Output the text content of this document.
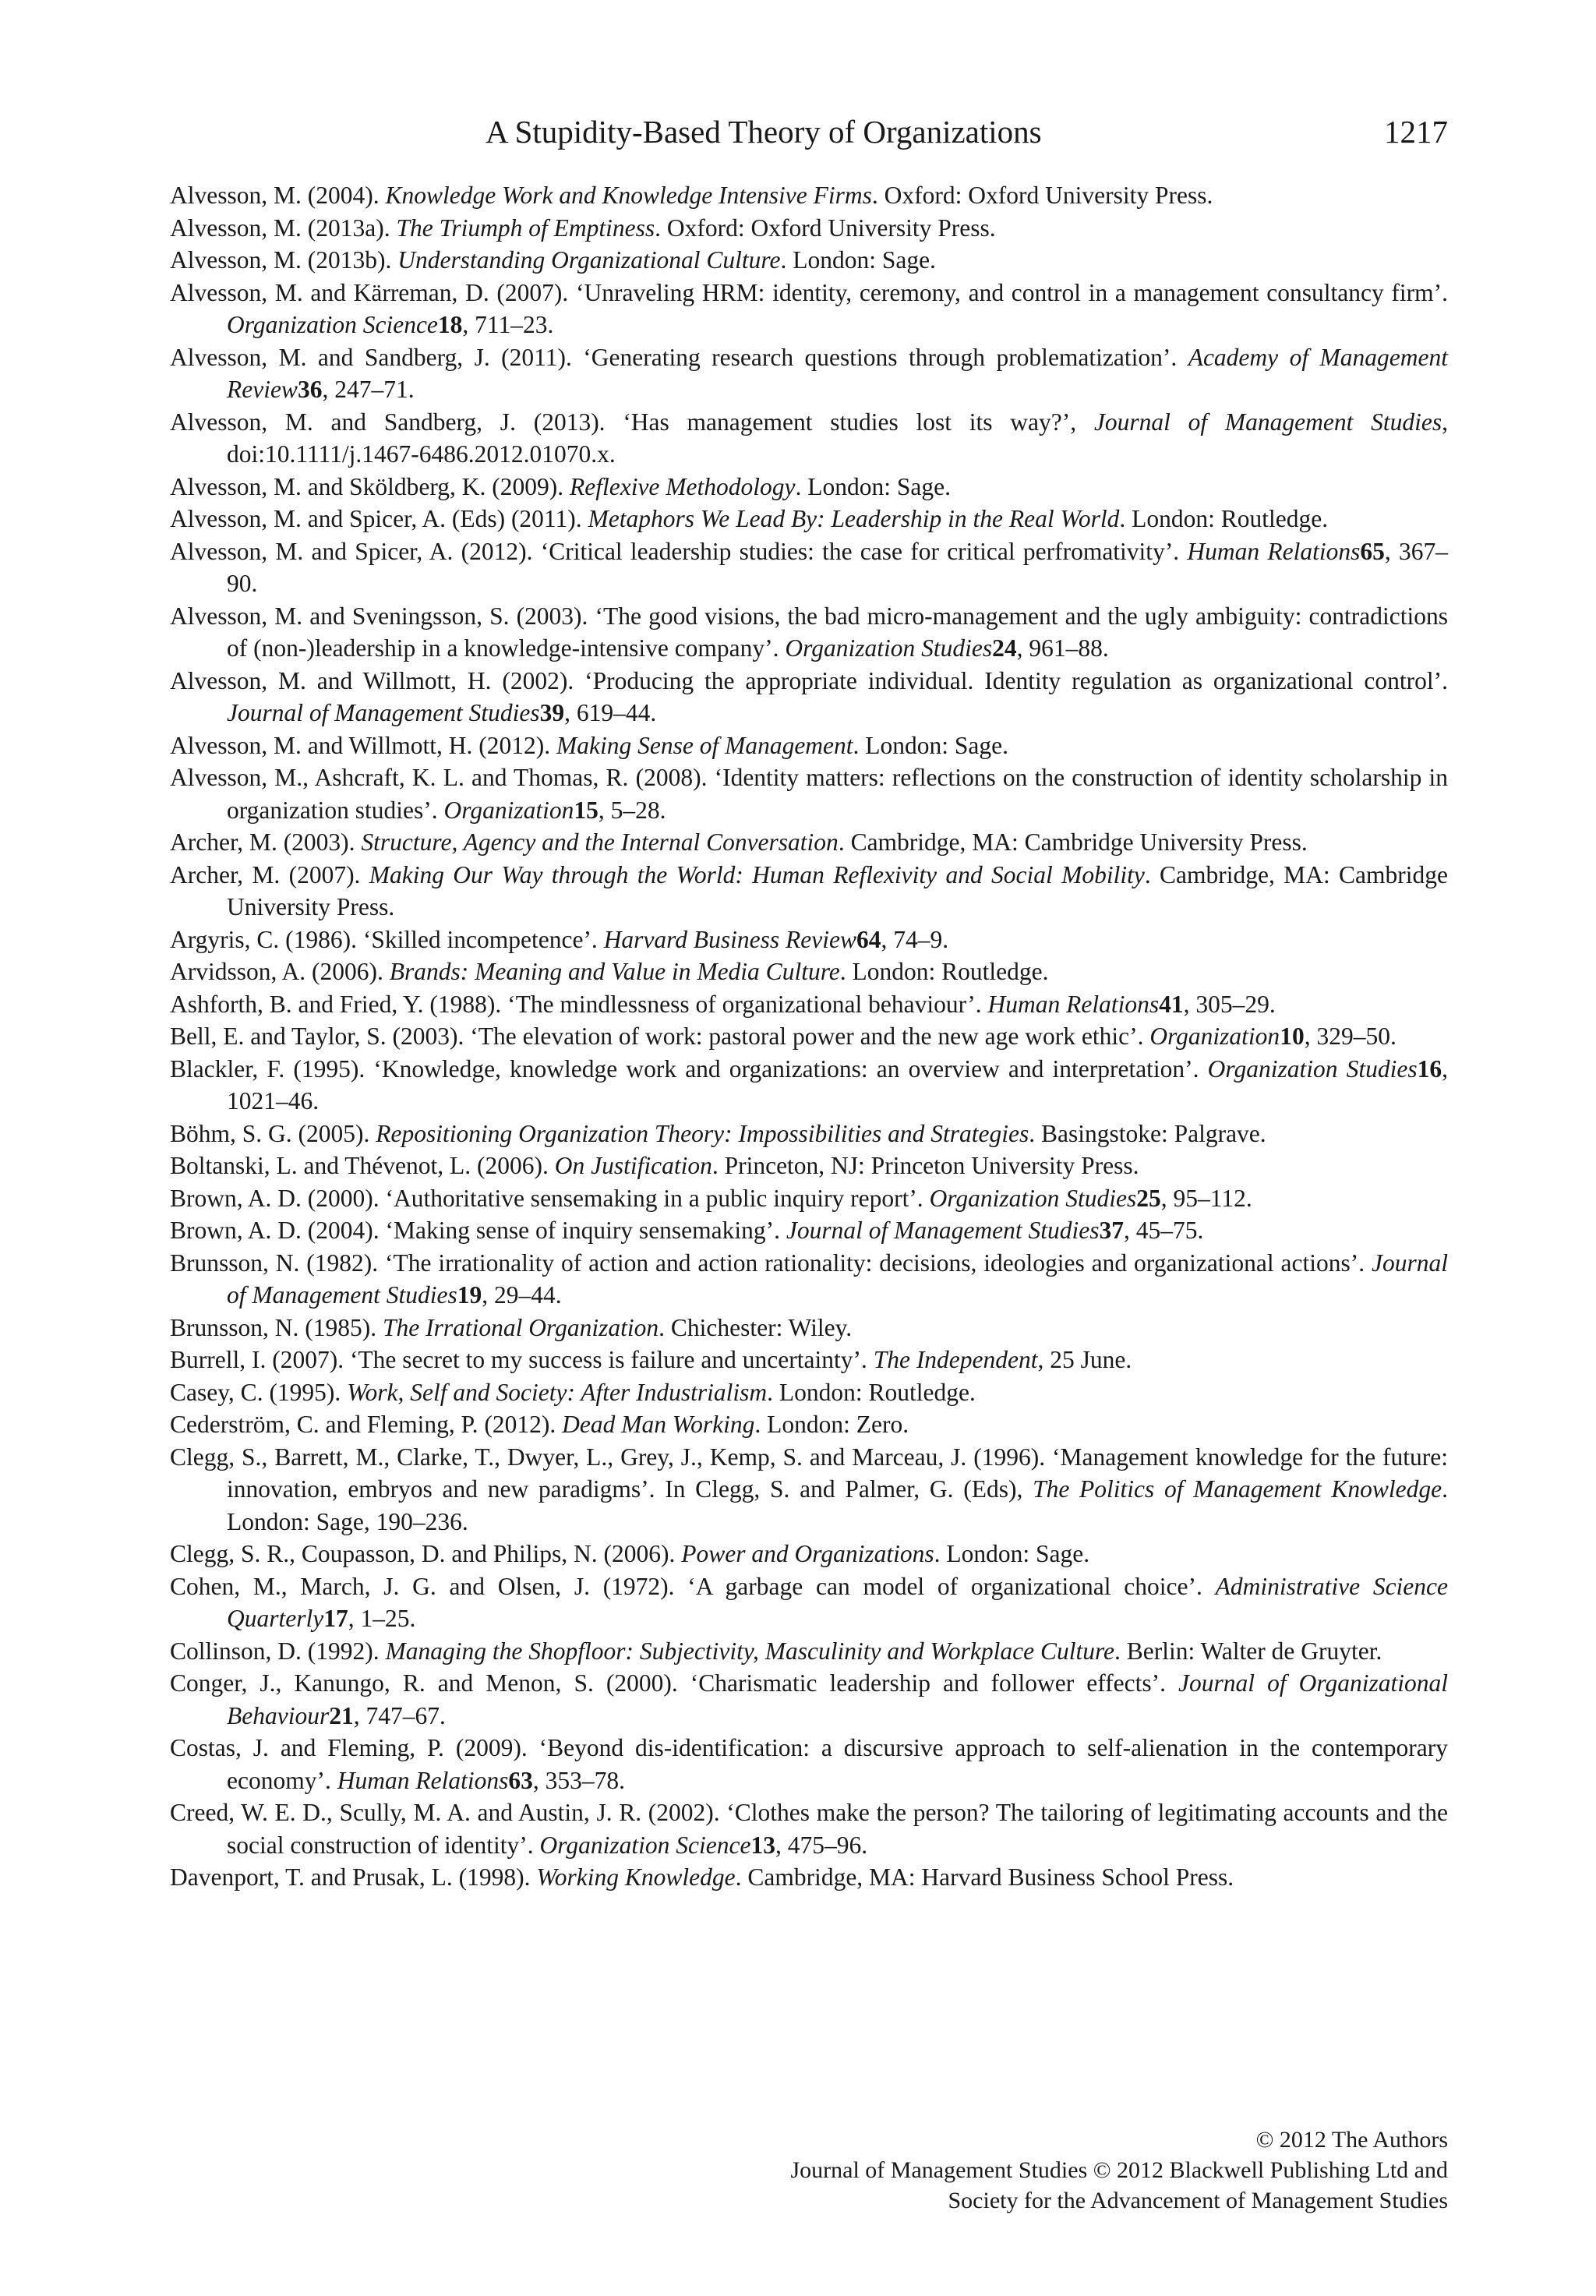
A Stupidity-Based Theory of Organizations	1217
Alvesson, M. (2004). Knowledge Work and Knowledge Intensive Firms. Oxford: Oxford University Press.
Alvesson, M. (2013a). The Triumph of Emptiness. Oxford: Oxford University Press.
Alvesson, M. (2013b). Understanding Organizational Culture. London: Sage.
Alvesson, M. and Kärreman, D. (2007). ‘Unraveling HRM: identity, ceremony, and control in a management consultancy firm’. Organization Science18, 711–23.
Alvesson, M. and Sandberg, J. (2011). ‘Generating research questions through problematization’. Academy of Management Review36, 247–71.
Alvesson, M. and Sandberg, J. (2013). ‘Has management studies lost its way?’, Journal of Management Studies, doi:10.1111/j.1467-6486.2012.01070.x.
Alvesson, M. and Sköldberg, K. (2009). Reflexive Methodology. London: Sage.
Alvesson, M. and Spicer, A. (Eds) (2011). Metaphors We Lead By: Leadership in the Real World. London: Routledge.
Alvesson, M. and Spicer, A. (2012). ‘Critical leadership studies: the case for critical perfromativity’. Human Relations65, 367–90.
Alvesson, M. and Sveningsson, S. (2003). ‘The good visions, the bad micro-management and the ugly ambiguity: contradictions of (non-)leadership in a knowledge-intensive company’. Organization Studies24, 961–88.
Alvesson, M. and Willmott, H. (2002). ‘Producing the appropriate individual. Identity regulation as organizational control’. Journal of Management Studies39, 619–44.
Alvesson, M. and Willmott, H. (2012). Making Sense of Management. London: Sage.
Alvesson, M., Ashcraft, K. L. and Thomas, R. (2008). ‘Identity matters: reflections on the construction of identity scholarship in organization studies’. Organization15, 5–28.
Archer, M. (2003). Structure, Agency and the Internal Conversation. Cambridge, MA: Cambridge University Press.
Archer, M. (2007). Making Our Way through the World: Human Reflexivity and Social Mobility. Cambridge, MA: Cambridge University Press.
Argyris, C. (1986). ‘Skilled incompetence’. Harvard Business Review64, 74–9.
Arvidsson, A. (2006). Brands: Meaning and Value in Media Culture. London: Routledge.
Ashforth, B. and Fried, Y. (1988). ‘The mindlessness of organizational behaviour’. Human Relations41, 305–29.
Bell, E. and Taylor, S. (2003). ‘The elevation of work: pastoral power and the new age work ethic’. Organization10, 329–50.
Blackler, F. (1995). ‘Knowledge, knowledge work and organizations: an overview and interpretation’. Organization Studies16, 1021–46.
Böhm, S. G. (2005). Repositioning Organization Theory: Impossibilities and Strategies. Basingstoke: Palgrave.
Boltanski, L. and Thévenot, L. (2006). On Justification. Princeton, NJ: Princeton University Press.
Brown, A. D. (2000). ‘Authoritative sensemaking in a public inquiry report’. Organization Studies25, 95–112.
Brown, A. D. (2004). ‘Making sense of inquiry sensemaking’. Journal of Management Studies37, 45–75.
Brunsson, N. (1982). ‘The irrationality of action and action rationality: decisions, ideologies and organizational actions’. Journal of Management Studies19, 29–44.
Brunsson, N. (1985). The Irrational Organization. Chichester: Wiley.
Burrell, I. (2007). ‘The secret to my success is failure and uncertainty’. The Independent, 25 June.
Casey, C. (1995). Work, Self and Society: After Industrialism. London: Routledge.
Cederström, C. and Fleming, P. (2012). Dead Man Working. London: Zero.
Clegg, S., Barrett, M., Clarke, T., Dwyer, L., Grey, J., Kemp, S. and Marceau, J. (1996). ‘Management knowledge for the future: innovation, embryos and new paradigms’. In Clegg, S. and Palmer, G. (Eds), The Politics of Management Knowledge. London: Sage, 190–236.
Clegg, S. R., Coupasson, D. and Philips, N. (2006). Power and Organizations. London: Sage.
Cohen, M., March, J. G. and Olsen, J. (1972). ‘A garbage can model of organizational choice’. Administrative Science Quarterly17, 1–25.
Collinson, D. (1992). Managing the Shopfloor: Subjectivity, Masculinity and Workplace Culture. Berlin: Walter de Gruyter.
Conger, J., Kanungo, R. and Menon, S. (2000). ‘Charismatic leadership and follower effects’. Journal of Organizational Behaviour21, 747–67.
Costas, J. and Fleming, P. (2009). ‘Beyond dis-identification: a discursive approach to self-alienation in the contemporary economy’. Human Relations63, 353–78.
Creed, W. E. D., Scully, M. A. and Austin, J. R. (2002). ‘Clothes make the person? The tailoring of legitimating accounts and the social construction of identity’. Organization Science13, 475–96.
Davenport, T. and Prusak, L. (1998). Working Knowledge. Cambridge, MA: Harvard Business School Press.
© 2012 The Authors
Journal of Management Studies © 2012 Blackwell Publishing Ltd and
Society for the Advancement of Management Studies
